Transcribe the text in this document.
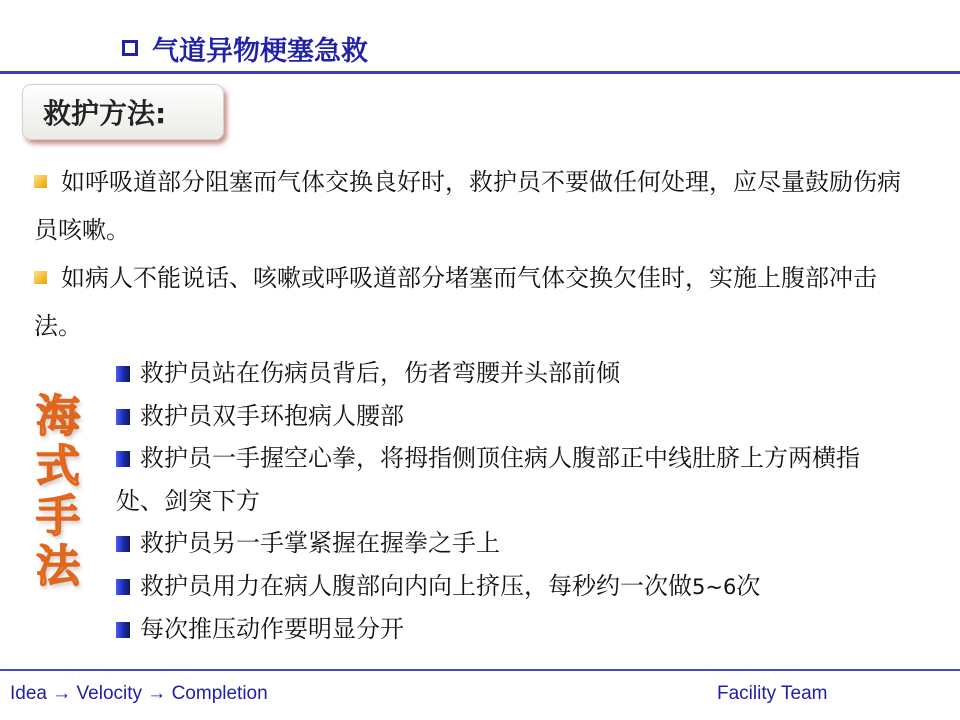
气道异物梗塞急救
救护方法:
如呼吸道部分阻塞而气体交换良好时，救护员不要做任何处理，应尽量鼓励伤病员咳嗽。
如病人不能说话、咳嗽或呼吸道部分堵塞而气体交换欠佳时，实施上腹部冲击法。
海
式
手
法

救护员站在伤病员背后，伤者弯腰并头部前倾

救护员双手环抱病人腰部

救护员一手握空心拳，将拇指侧顶住病人腹部正中线肚脐上方两横指处、剑突下方

救护员另一手掌紧握在握拳之手上

救护员用力在病人腹部向内向上挤压，每秒约一次做5~6次

每次推压动作要明显分开

Idea → Velocity → Completion	Facility Team
